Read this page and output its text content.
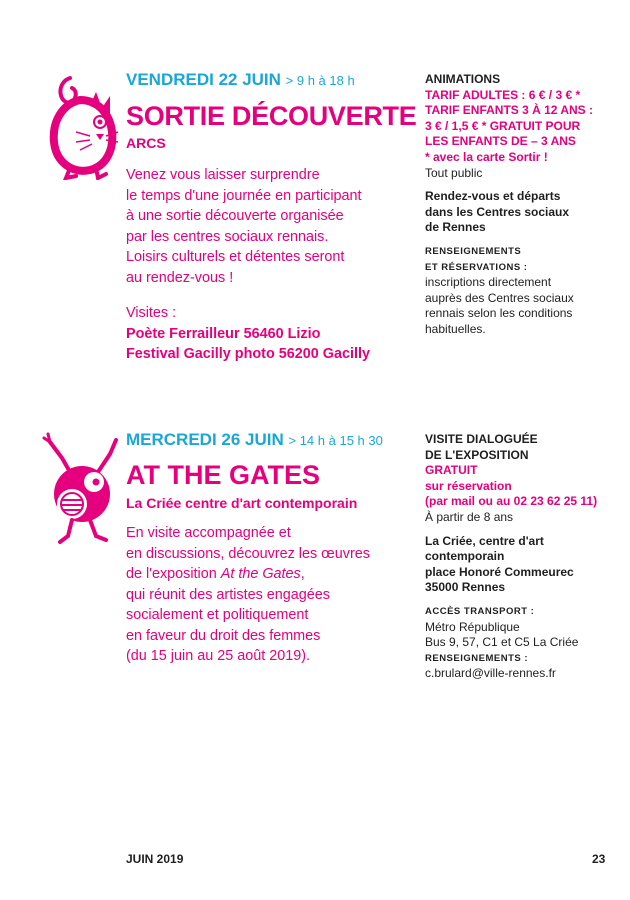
VENDREDI 22 JUIN > 9 h à 18 h
SORTIE DÉCOUVERTE
ARCS
Venez vous laisser surprendre
le temps d'une journée en participant
à une sortie découverte organisée
par les centres sociaux rennais.
Loisirs culturels et détentes seront
au rendez-vous !
Visites :
Poète Ferrailleur 56460 Lizio
Festival Gacilly photo 56200 Gacilly
ANIMATIONS
TARIF ADULTES : 6 € / 3 € *
TARIF ENFANTS 3 À 12 ANS :
3 € / 1,5 € * GRATUIT POUR
LES ENFANTS DE – 3 ANS
* avec la carte Sortir !
Tout public
Rendez-vous et départs
dans les Centres sociaux
de Rennes
RENSEIGNEMENTS
ET RÉSERVATIONS :
inscriptions directement
auprès des Centres sociaux
rennais selon les conditions
habituelles.
MERCREDI 26 JUIN > 14 h à 15 h 30
AT THE GATES
La Criée centre d'art contemporain
En visite accompagnée et
en discussions, découvrez les œuvres
de l'exposition At the Gates,
qui réunit des artistes engagées
socialement et politiquement
en faveur du droit des femmes
(du 15 juin au 25 août 2019).
VISITE DIALOGUÉE
DE L'EXPOSITION
GRATUIT
sur réservation
(par mail ou au 02 23 62 25 11)
À partir de 8 ans
La Criée, centre d'art
contemporain
place Honoré Commeurec
35000 Rennes
ACCÈS TRANSPORT :
Métro République
Bus 9, 57, C1 et C5 La Criée
RENSEIGNEMENTS :
c.brulard@ville-rennes.fr
JUIN 2019	23
